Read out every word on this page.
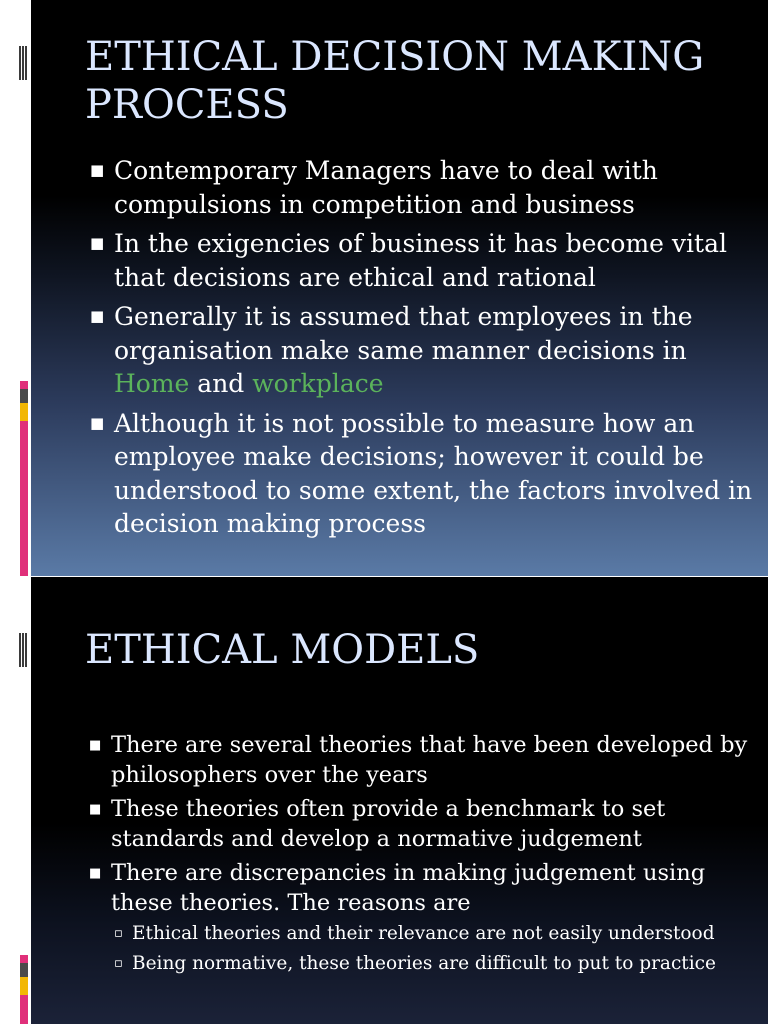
ETHICAL DECISION MAKING
PROCESS
■ Contemporary Managers have to deal with compulsions in competition and business
■ In the exigencies of business it has become vital that decisions are ethical and rational
■ Generally it is assumed that employees in the organisation make same manner decisions in Home and workplace
■ Although it is not possible to measure how an employee make decisions; however it could be understood to some extent, the factors involved in decision making process
ETHICAL MODELS
■ There are several theories that have been developed by philosophers over the years
■ These theories often provide a benchmark to set standards and develop a normative judgement
■ There are discrepancies in making judgement using these theories. The reasons are
▫ Ethical theories and their relevance are not easily understood
▫ Being normative, these theories are difficult to put to practice
